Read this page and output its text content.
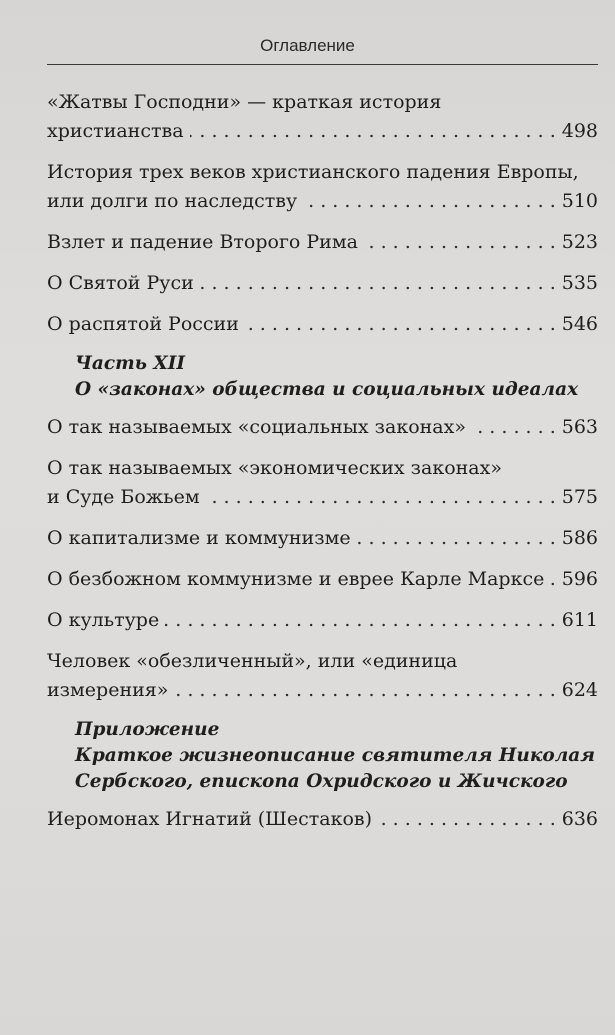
Оглавление
«Жатвы Господни» — краткая история
христианства . . .	498
История трех веков христианского падения Европы,
или долги по наследству . . .	510
Взлет и падение Второго Рима . . .	523
О Святой Руси . . .	535
О распятой России . . .	546
Часть XII
О «законах» общества и социальных идеалах
О так называемых «социальных законах» . . .	563
О так называемых «экономических законах»
и Суде Божьем . . .	575
О капитализме и коммунизме . . .	586
О безбожном коммунизме и еврее Карле Марксе . . . 596
О культуре . . .	611
Человек «обезличенный», или «единица
измерения» . . .	624
Приложение
Краткое жизнеописание святителя Николая
Сербского, епископа Охридского и Жичского
Иеромонах Игнатий (Шестаков) . . .	636
